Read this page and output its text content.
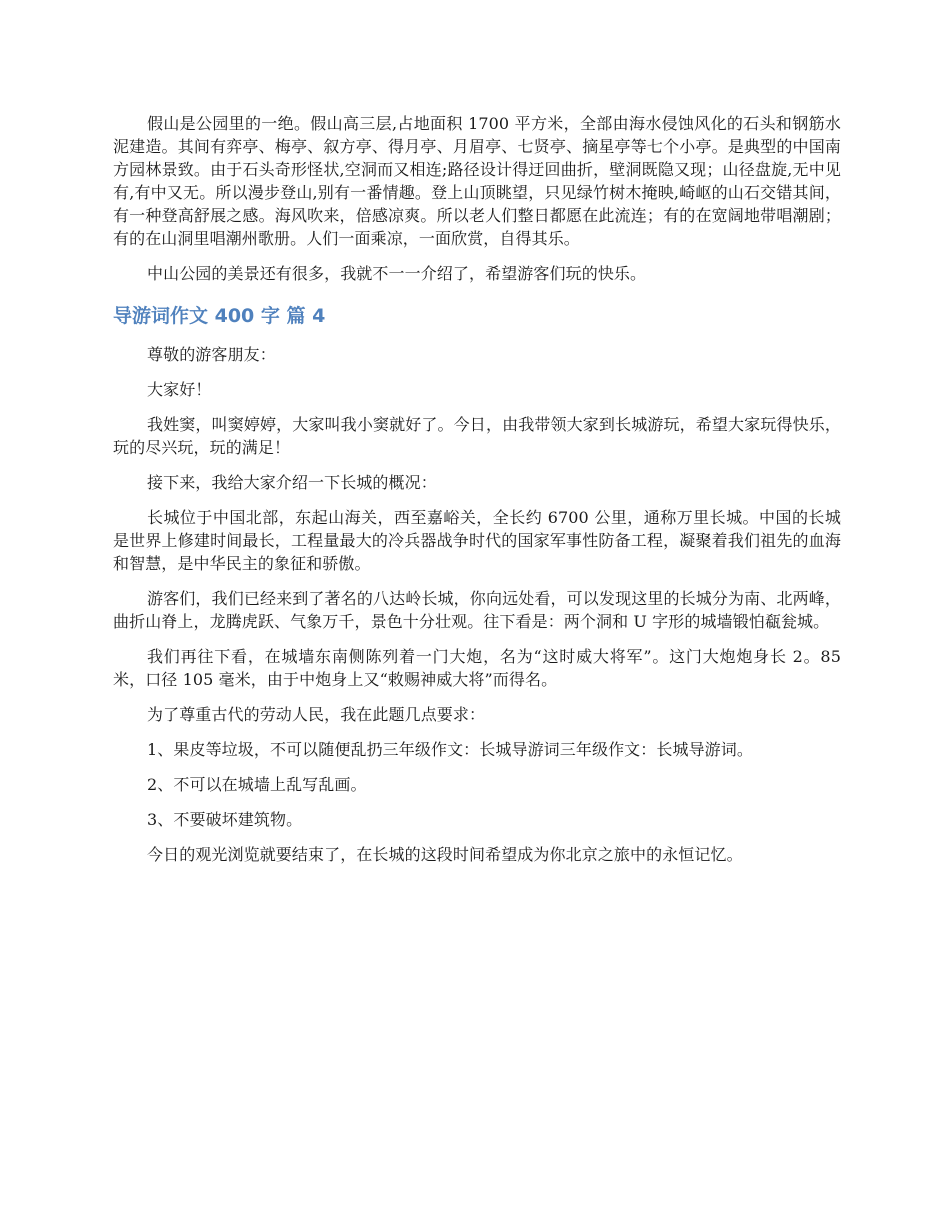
假山是公园里的一绝。假山高三层,占地面积 1700 平方米，全部由海水侵蚀风化的石头和钢筋水泥建造。其间有弈亭、梅亭、叙方亭、得月亭、月眉亭、七贤亭、摘星亭等七个小亭。是典型的中国南方园林景致。由于石头奇形怪状,空洞而又相连;路径设计得迂回曲折，壁洞既隐又现；山径盘旋,无中见有,有中又无。所以漫步登山,别有一番情趣。登上山顶眺望，只见绿竹树木掩映,崎岖的山石交错其间，有一种登高舒展之感。海风吹来，倍感凉爽。所以老人们整日都愿在此流连；有的在宽阔地带唱潮剧；有的在山洞里唱潮州歌册。人们一面乘凉，一面欣赏，自得其乐。

中山公园的美景还有很多，我就不一一介绍了，希望游客们玩的快乐。

导游词作文 400 字 篇 4

尊敬的游客朋友：

大家好！

我姓窦，叫窦婷婷，大家叫我小窦就好了。今日，由我带领大家到长城游玩，希望大家玩得快乐，玩的尽兴玩，玩的满足！

接下来，我给大家介绍一下长城的概况：

长城位于中国北部，东起山海关，西至嘉峪关，全长约 6700 公里，通称万里长城。中国的长城是世界上修建时间最长，工程量最大的冷兵器战争时代的国家军事性防备工程，凝聚着我们祖先的血海和智慧，是中华民主的象征和骄傲。

游客们，我们已经来到了著名的八达岭长城，你向远处看，可以发现这里的长城分为南、北两峰，曲折山脊上，龙腾虎跃、气象万千，景色十分壮观。往下看是：两个洞和 U 字形的城墙锻怕瓻瓮城。

我们再往下看，在城墙东南侧陈列着一门大炮，名为“这时威大将军”。这门大炮炮身长 2。85 米，口径 105 毫米，由于中炮身上又“敕赐神威大将”而得名。

为了尊重古代的劳动人民，我在此题几点要求：

1、果皮等垃圾，不可以随便乱扔三年级作文：长城导游词三年级作文：长城导游词。

2、不可以在城墙上乱写乱画。

3、不要破坏建筑物。

今日的观光浏览就要结束了，在长城的这段时间希望成为你北京之旅中的永恒记忆。
